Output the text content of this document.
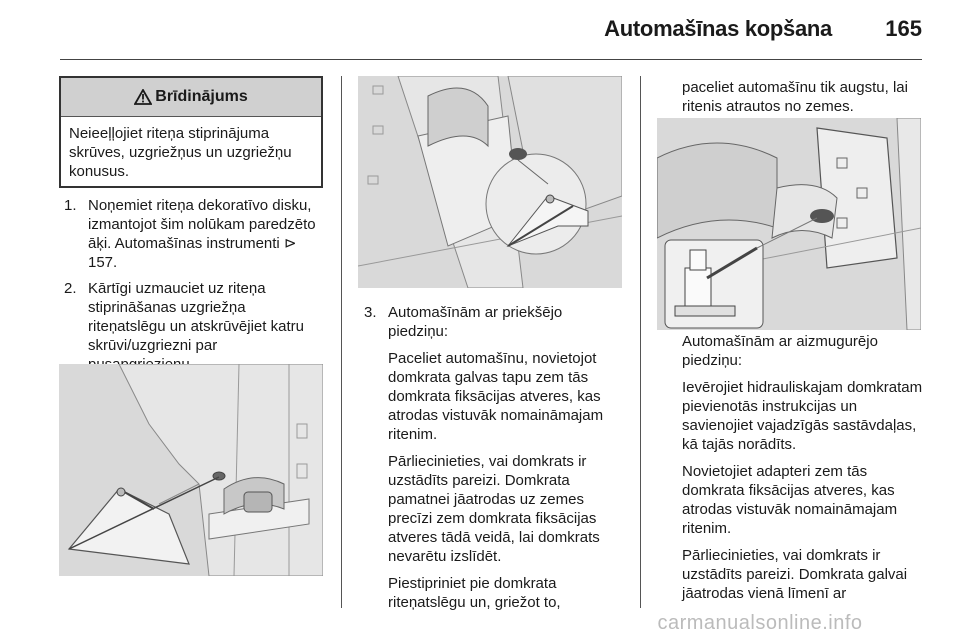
Automašīnas kopšana	165
Brīdinājums
Neieeļļojiet riteņa stiprinājuma skrūves, uzgriežņus un uzgriežņu konusus.
1. Noņemiet riteņa dekoratīvo disku, izmantojot šim nolūkam paredzēto āķi. Automašīnas instrumenti ⊳ 157.
2. Kārtīgi uzmauciet uz riteņa stiprināšanas uzgriežņa riteņatslēgu un atskrūvējiet katru skrūvi/uzgriezni par
3. Automašīnām ar priekšējo piedziņu:
Paceliet automašīnu, novietojot domkrata galvas tapu zem tās domkrata fiksācijas atveres, kas atrodas vistuvāk nomaināmajam ritenim.
Pārliecinieties, vai domkrats ir uzstādīts pareizi. Domkrata pamatnei jāatrodas uz zemes precīzi zem domkrata fiksācijas atveres tādā veidā, lai domkrats nevarētu izslīdēt.
Piestipriniet pie domkrata riteņatslēgu un, griežot to,
paceliet automašīnu tik augstu, lai ritenis atrautos no zemes.
Automašīnām ar aizmugurējo piedziņu:
Ievērojiet hidrauliskajam domkratam pievienotās instrukcijas un savienojiet vajadzīgās sastāvdaļas, kā tajās norādīts.
Novietojiet adapteri zem tās domkrata fiksācijas atveres, kas atrodas vistuvāk nomaināmajam ritenim.
Pārliecinieties, vai domkrats ir uzstādīts pareizi. Domkrata galvai jāatrodas vienā līmenī ar
carmanualsonline.info
